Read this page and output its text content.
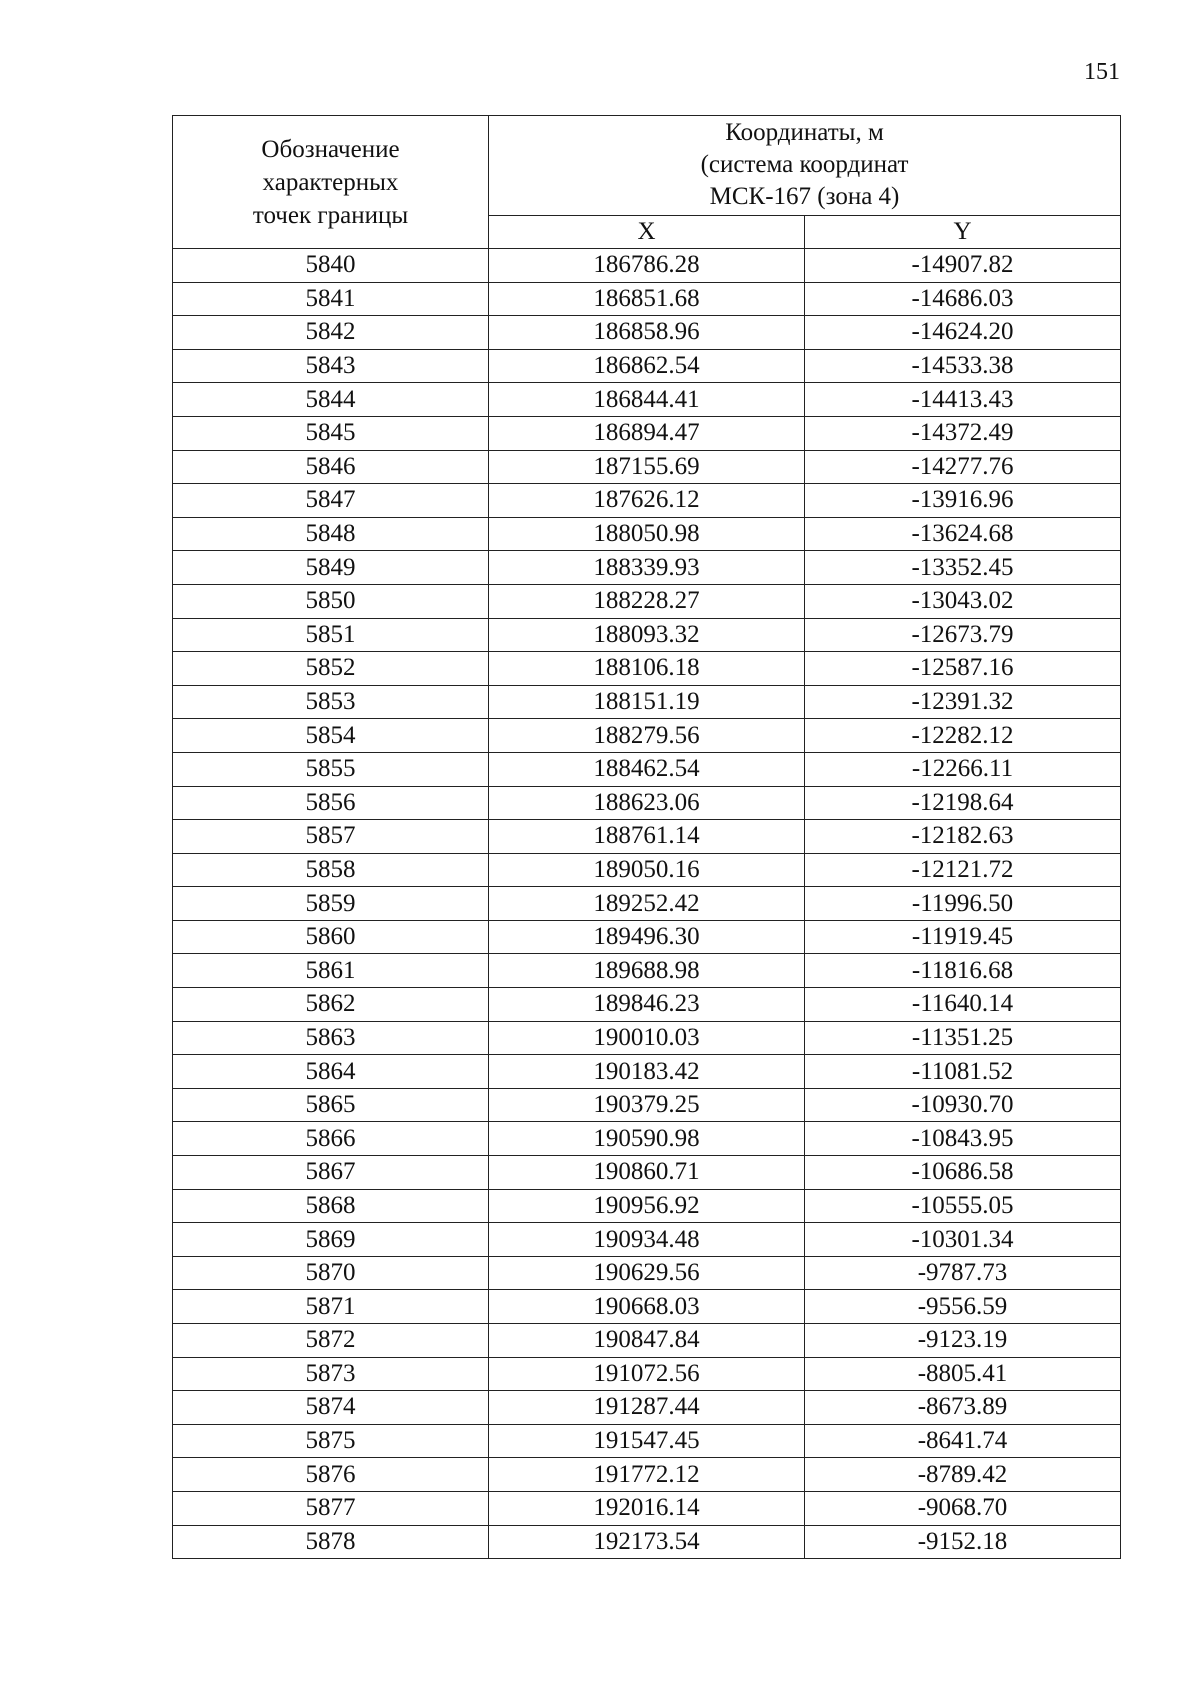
151
Обозначение
характерных
точек границы	Координаты, м
(система координат
МСК-167 (зона 4)	

	X	Y
5840	186786.28	-14907.82
5841	186851.68	-14686.03
5842	186858.96	-14624.20
5843	186862.54	-14533.38
5844	186844.41	-14413.43
5845	186894.47	-14372.49
5846	187155.69	-14277.76
5847	187626.12	-13916.96
5848	188050.98	-13624.68
5849	188339.93	-13352.45
5850	188228.27	-13043.02
5851	188093.32	-12673.79
5852	188106.18	-12587.16
5853	188151.19	-12391.32
5854	188279.56	-12282.12
5855	188462.54	-12266.11
5856	188623.06	-12198.64
5857	188761.14	-12182.63
5858	189050.16	-12121.72
5859	189252.42	-11996.50
5860	189496.30	-11919.45
5861	189688.98	-11816.68
5862	189846.23	-11640.14
5863	190010.03	-11351.25
5864	190183.42	-11081.52
5865	190379.25	-10930.70
5866	190590.98	-10843.95
5867	190860.71	-10686.58
5868	190956.92	-10555.05
5869	190934.48	-10301.34
5870	190629.56	-9787.73
5871	190668.03	-9556.59
5872	190847.84	-9123.19
5873	191072.56	-8805.41
5874	191287.44	-8673.89
5875	191547.45	-8641.74
5876	191772.12	-8789.42
5877	192016.14	-9068.70
5878	192173.54	-9152.18
